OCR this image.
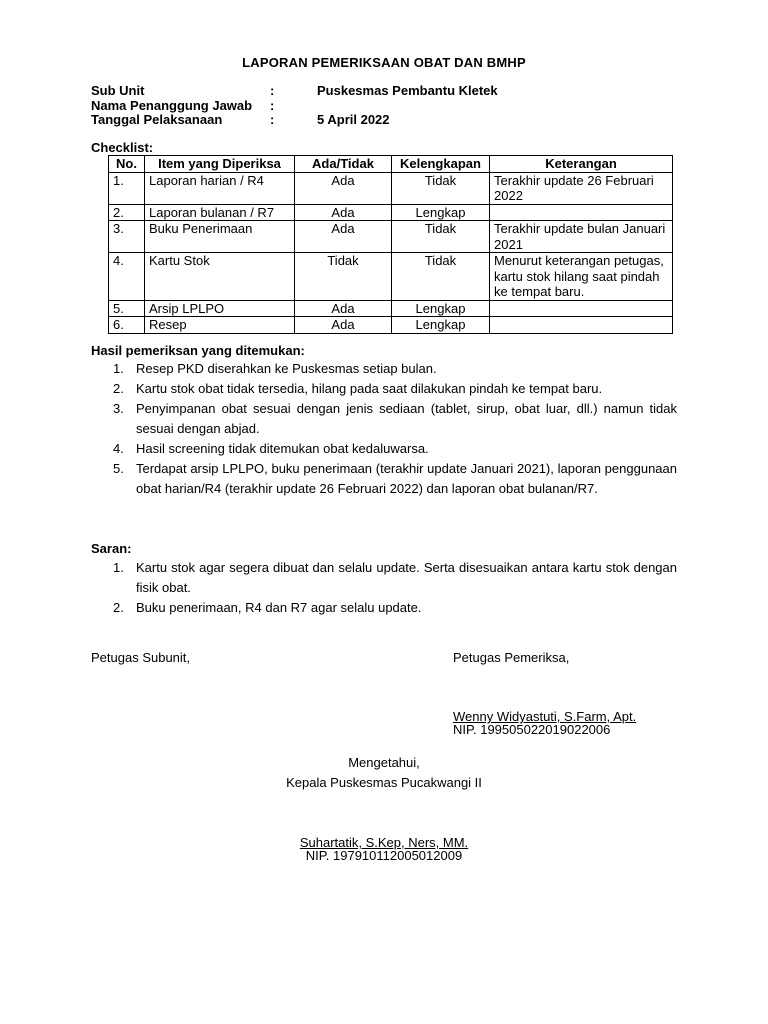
LAPORAN PEMERIKSAAN OBAT DAN BMHP
Sub Unit	:	Puskesmas Pembantu Kletek
Nama Penanggung Jawab :
Tanggal Pelaksanaan	:	5 April 2022
Checklist:
No.	Item yang Diperiksa	Ada/Tidak	Kelengkapan	Keterangan
1.	Laporan harian / R4	Ada	Tidak	Terakhir update 26 Februari 2022
2.	Laporan bulanan / R7	Ada	Lengkap	
3.	Buku Penerimaan	Ada	Tidak	Terakhir update bulan Januari 2021
4.	Kartu Stok	Tidak	Tidak	Menurut keterangan petugas, kartu stok hilang saat pindah ke tempat baru.
5.	Arsip LPLPO	Ada	Lengkap	
6.	Resep	Ada	Lengkap	
Hasil pemeriksan yang ditemukan:
1. Resep PKD diserahkan ke Puskesmas setiap bulan.
2. Kartu stok obat tidak tersedia, hilang pada saat dilakukan pindah ke tempat baru.
3. Penyimpanan obat sesuai dengan jenis sediaan (tablet, sirup, obat luar, dll.) namun tidak sesuai dengan abjad.
4. Hasil screening tidak ditemukan obat kedaluwarsa.
5. Terdapat arsip LPLPO, buku penerimaan (terakhir update Januari 2021), laporan penggunaan obat harian/R4 (terakhir update 26 Februari 2022) dan laporan obat bulanan/R7.
Saran:
1. Kartu stok agar segera dibuat dan selalu update. Serta disesuaikan antara kartu stok dengan fisik obat.
2. Buku penerimaan, R4 dan R7 agar selalu update.
Petugas Subunit,	Petugas Pemeriksa,
Wenny Widyastuti, S.Farm, Apt.
NIP. 199505022019022006
Mengetahui,
Kepala Puskesmas Pucakwangi II
Suhartatik, S.Kep, Ners, MM.
NIP. 197910112005012009
